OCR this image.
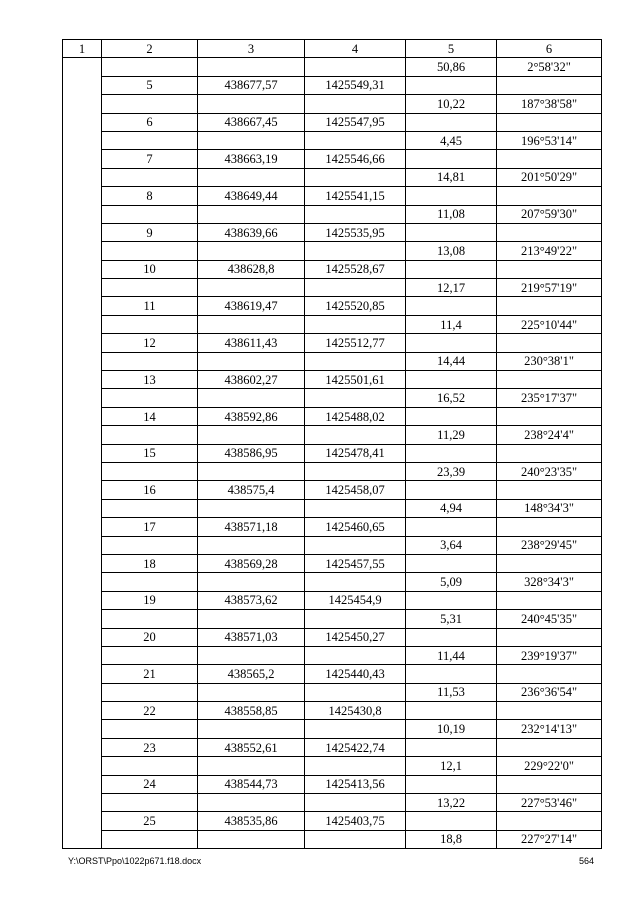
1	2	3	4	5	6
				50,86	2°58'32"
	5	438677,57	1425549,31		
				10,22	187°38'58"
	6	438667,45	1425547,95		
				4,45	196°53'14"
	7	438663,19	1425546,66		
				14,81	201°50'29"
	8	438649,44	1425541,15		
				11,08	207°59'30"
	9	438639,66	1425535,95		
				13,08	213°49'22"
	10	438628,8	1425528,67		
				12,17	219°57'19"
	11	438619,47	1425520,85		
				11,4	225°10'44"
	12	438611,43	1425512,77		
				14,44	230°38'1"
	13	438602,27	1425501,61		
				16,52	235°17'37"
	14	438592,86	1425488,02		
				11,29	238°24'4"
	15	438586,95	1425478,41		
				23,39	240°23'35"
	16	438575,4	1425458,07		
				4,94	148°34'3"
	17	438571,18	1425460,65		
				3,64	238°29'45"
	18	438569,28	1425457,55		
				5,09	328°34'3"
	19	438573,62	1425454,9		
				5,31	240°45'35"
	20	438571,03	1425450,27		
				11,44	239°19'37"
	21	438565,2	1425440,43		
				11,53	236°36'54"
	22	438558,85	1425430,8		
				10,19	232°14'13"
	23	438552,61	1425422,74		
				12,1	229°22'0"
	24	438544,73	1425413,56		
				13,22	227°53'46"
	25	438535,86	1425403,75		
				18,8	227°27'14"
Y:\ORST\Ppo\1022p671.f18.docx	564
